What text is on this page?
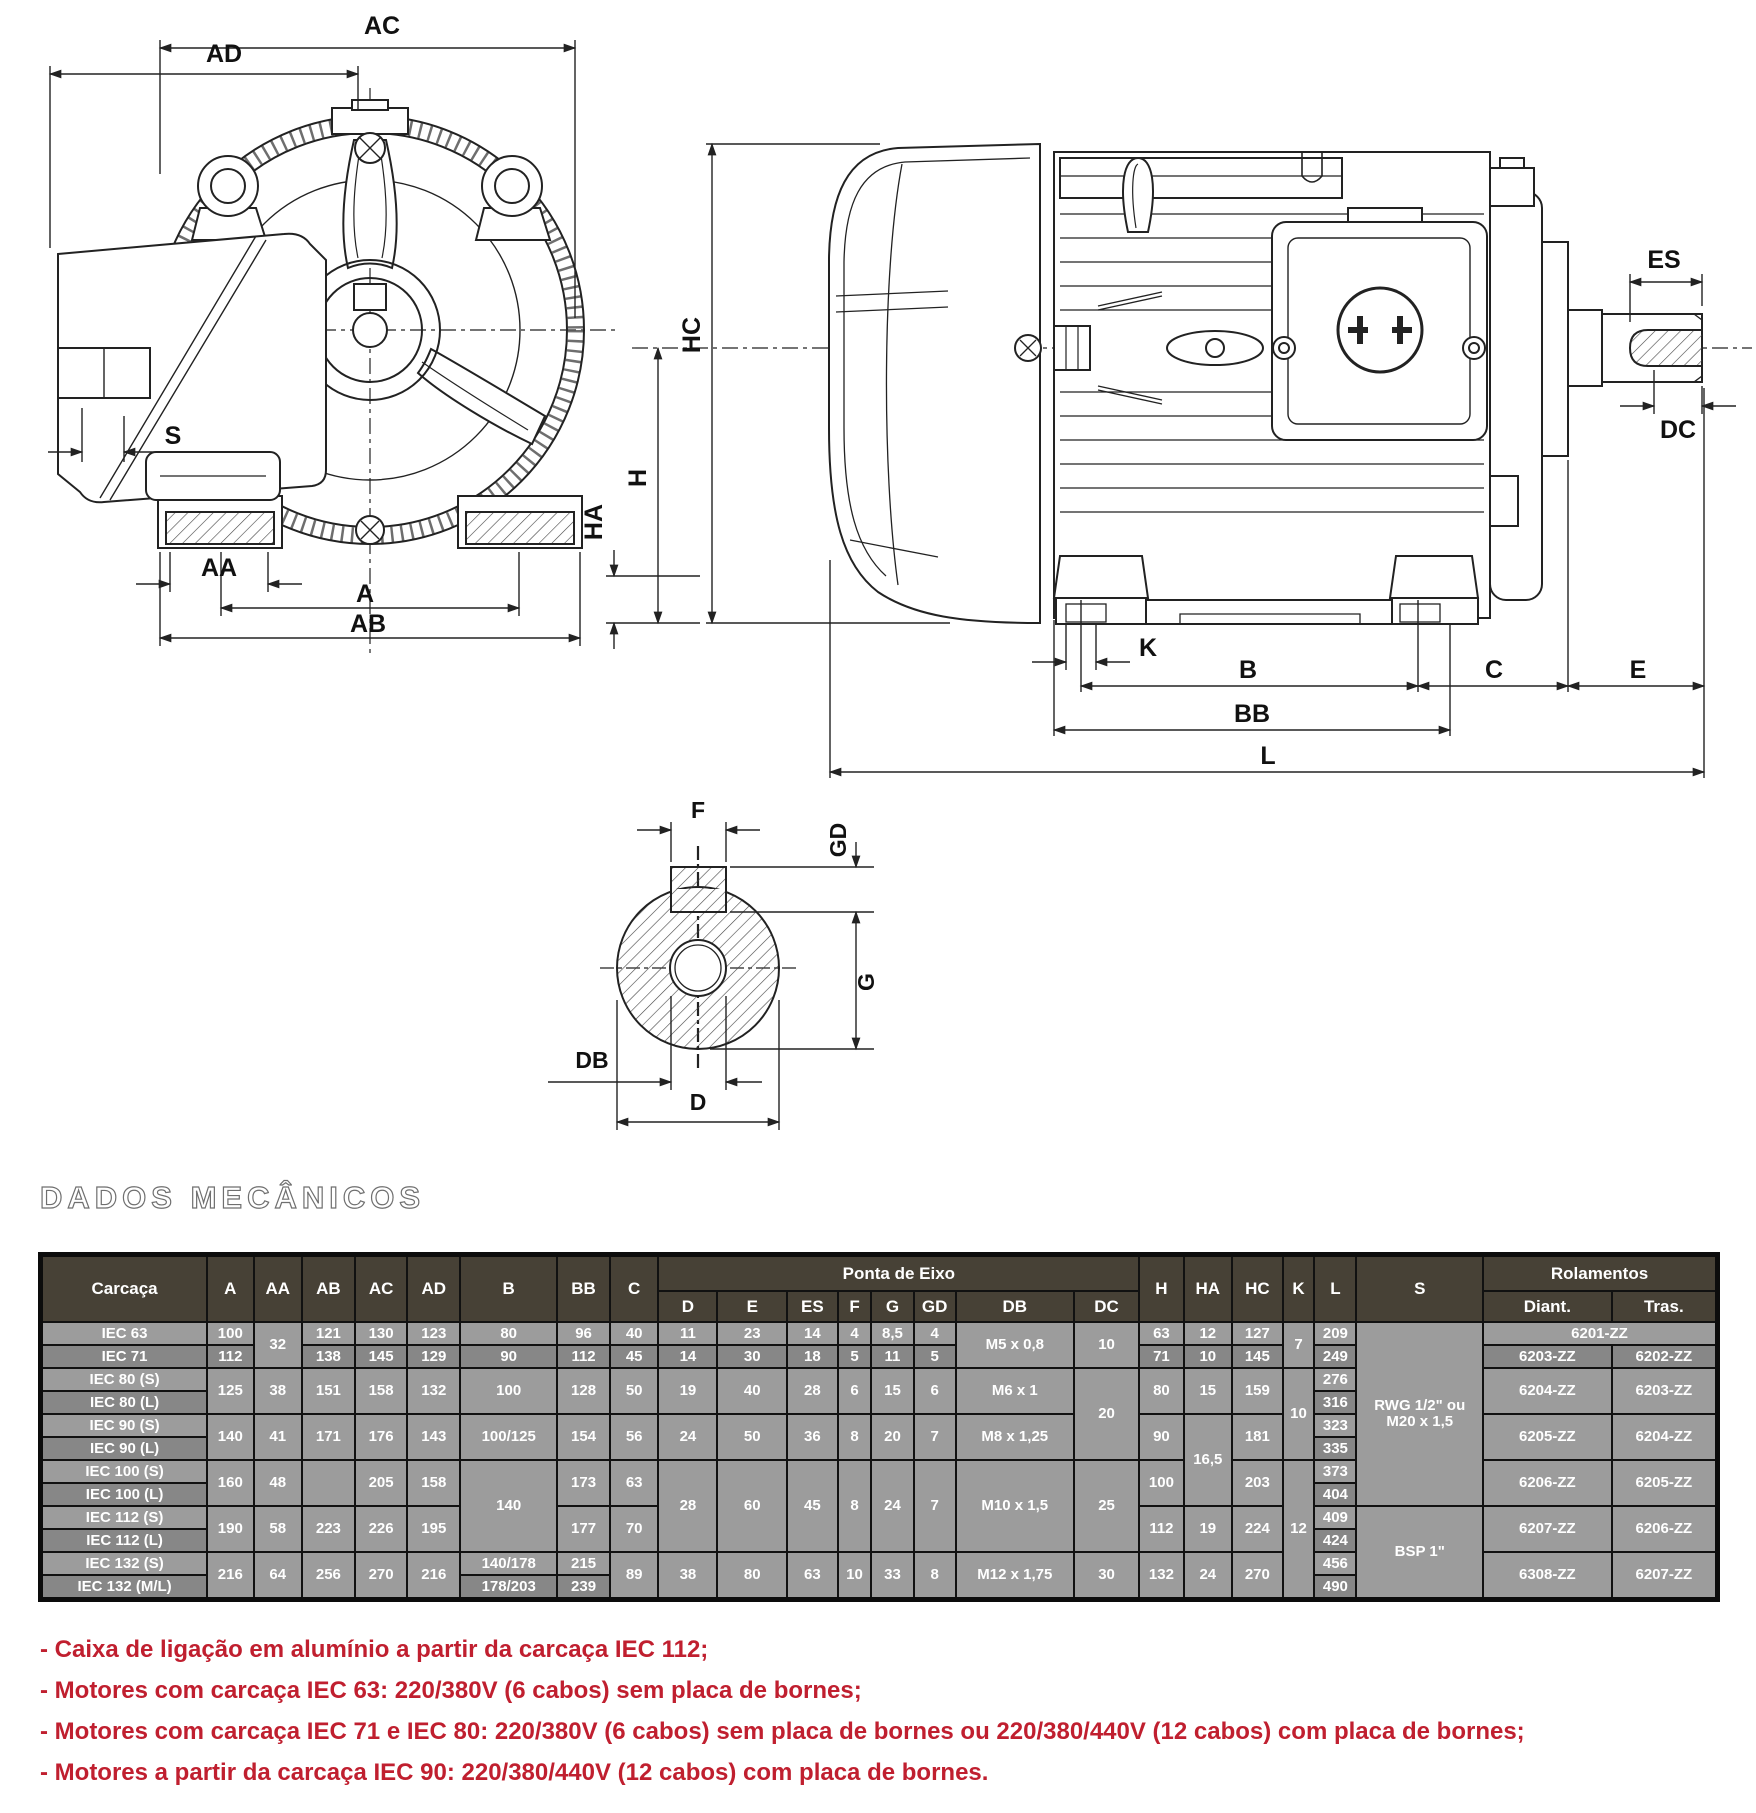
AC
AD
S
AA
A
AB
HC
H
HA
ES
DC
K
B	C	E
BB
L
F
GD
G
DB
D
DADOS MECÂNICOS
Carcaça	A	AA	AB	AC	AD	B	BB	C	Ponta de Eixo								H	HA	HC	K	L	S	Rolamentos	
									D	E	ES	F	G	GD	DB	DC							Diant.	Tras.
IEC 63	100	32	121	130	123	80	96	40	11	23	14	4	8,5	4	M5 x 0,8	10	63	12	127	7	209	RWG 1/2" ou M20 x 1,5	6201-ZZ	
IEC 71	112		138	145	129	90	112	45	14	30	18	5	11	5			71	10	145		249		6203-ZZ	6202-ZZ
IEC 80 (S)	125	38	151	158	132	100	128	50	19	40	28	6	15	6	M6 x 1	20	80	15	159	10	276		6204-ZZ	6203-ZZ
IEC 80 (L)																					316			
IEC 90 (S)	140	41	171	176	143	100/125	154	56	24	50	36	8	20	7	M8 x 1,25		90	16,5	181		323		6205-ZZ	6204-ZZ
IEC 90 (L)																					335			
IEC 100 (S)	160	48		205	158	140	173	63	28	60	45	8	24	7	M10 x 1,5	25	100		203	12	373		6206-ZZ	6205-ZZ
IEC 100 (L)																					404			
IEC 112 (S)	190	58	223	226	195		177	70									112	19	224		409	BSP 1"	6207-ZZ	6206-ZZ
IEC 112 (L)																					424			
IEC 132 (S)	216	64	256	270	216	140/178	215	89	38	80	63	10	33	8	M12 x 1,75	30	132	24	270		456		6308-ZZ	6207-ZZ
IEC 132 (M/L)						178/203	239														490			
- Caixa de ligação em alumínio a partir da carcaça IEC 112;
- Motores com carcaça IEC 63: 220/380V (6 cabos) sem placa de bornes;
- Motores com carcaça IEC 71 e IEC 80: 220/380V (6 cabos) sem placa de bornes ou 220/380/440V (12 cabos) com placa de bornes;
- Motores a partir da carcaça IEC 90: 220/380/440V (12 cabos) com placa de bornes.
